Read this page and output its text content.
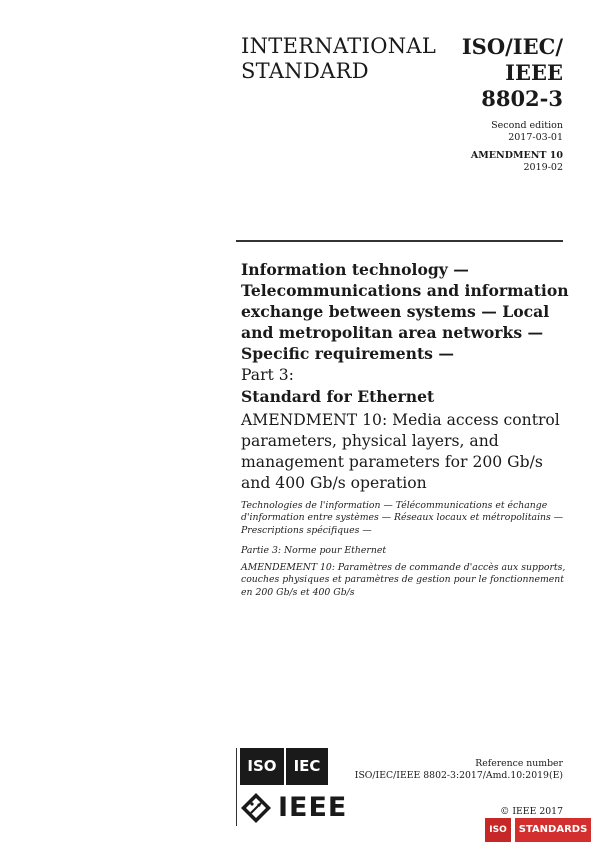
INTERNATIONAL
STANDARD
ISO/IEC/
IEEE
8802-3
Second edition
2017-03-01
AMENDMENT 10
2019-02
Information technology —
Telecommunications and information
exchange between systems — Local
and metropolitan area networks —
Specific requirements —
Part 3:
Standard for Ethernet
AMENDMENT 10: Media access control
parameters, physical layers, and
management parameters for 200 Gb/s
and 400 Gb/s operation
Technologies de l'information — Télécommunications et échange
d'information entre systèmes — Réseaux locaux et métropolitains —
Prescriptions spécifiques —
Partie 3: Norme pour Ethernet
AMENDEMENT 10: Paramètres de commande d'accès aux supports,
couches physiques et paramètres de gestion pour le fonctionnement
en 200 Gb/s et 400 Gb/s
ISO	IEC
IEEE
Reference number
ISO/IEC/IEEE 8802-3:2017/Amd.10:2019(E)
© IEEE 2017
ISO	STANDARDS
